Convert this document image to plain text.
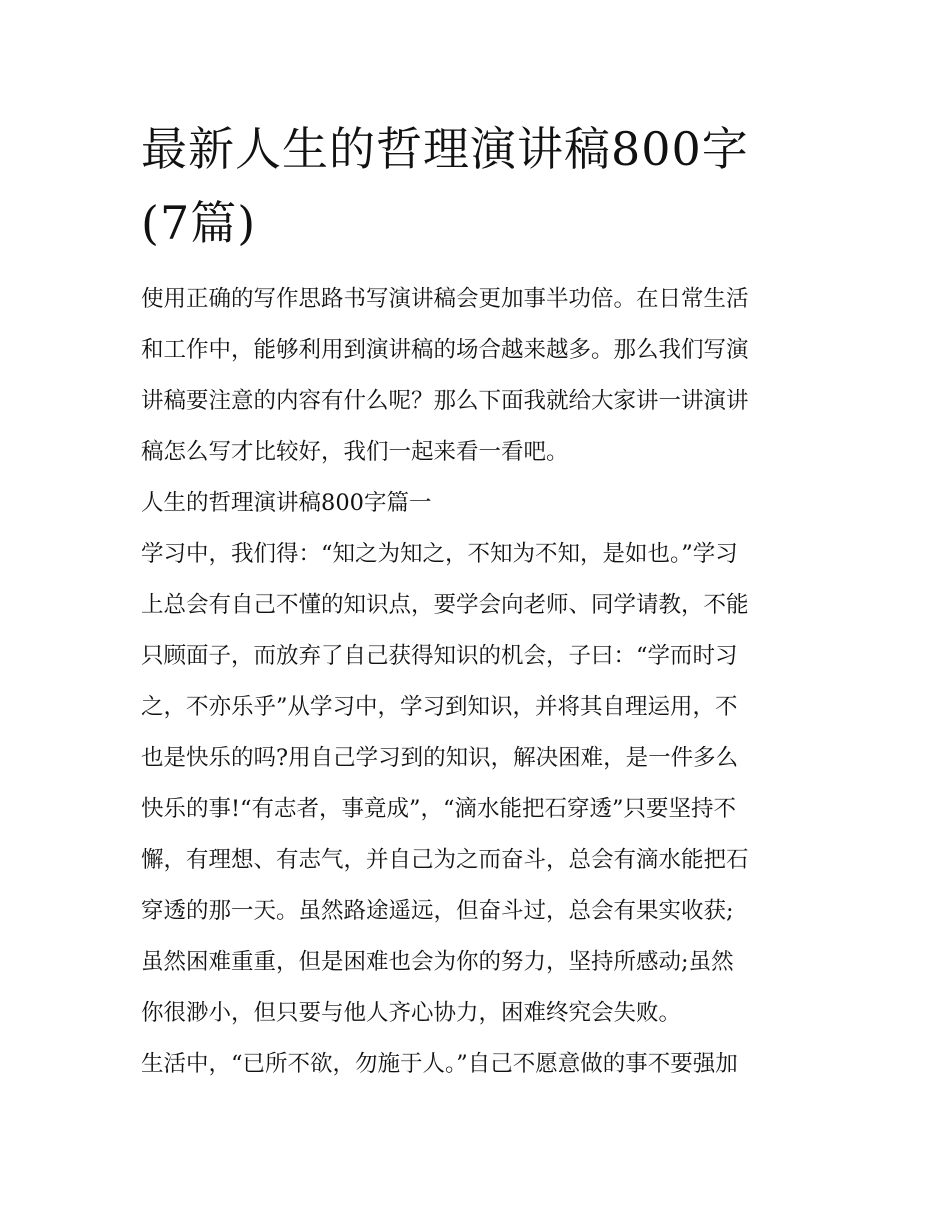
最新人生的哲理演讲稿800字
(7篇)

使用正确的写作思路书写演讲稿会更加事半功倍。在日常生活
和工作中，能够利用到演讲稿的场合越来越多。那么我们写演
讲稿要注意的内容有什么呢？那么下面我就给大家讲一讲演讲
稿怎么写才比较好，我们一起来看一看吧。

人生的哲理演讲稿800字篇一

学习中，我们得：“知之为知之，不知为不知，是如也。”学习
上总会有自己不懂的知识点，要学会向老师、同学请教，不能
只顾面子，而放弃了自己获得知识的机会，子曰：“学而时习
之，不亦乐乎”从学习中，学习到知识，并将其自理运用，不
也是快乐的吗?用自己学习到的知识，解决困难，是一件多么
快乐的事!“有志者，事竟成”，“滴水能把石穿透”只要坚持不
懈，有理想、有志气，并自己为之而奋斗，总会有滴水能把石
穿透的那一天。虽然路途遥远，但奋斗过，总会有果实收获;
虽然困难重重，但是困难也会为你的努力，坚持所感动;虽然
你很渺小，但只要与他人齐心协力，困难终究会失败。

生活中，“已所不欲，勿施于人。”自己不愿意做的事不要强加
